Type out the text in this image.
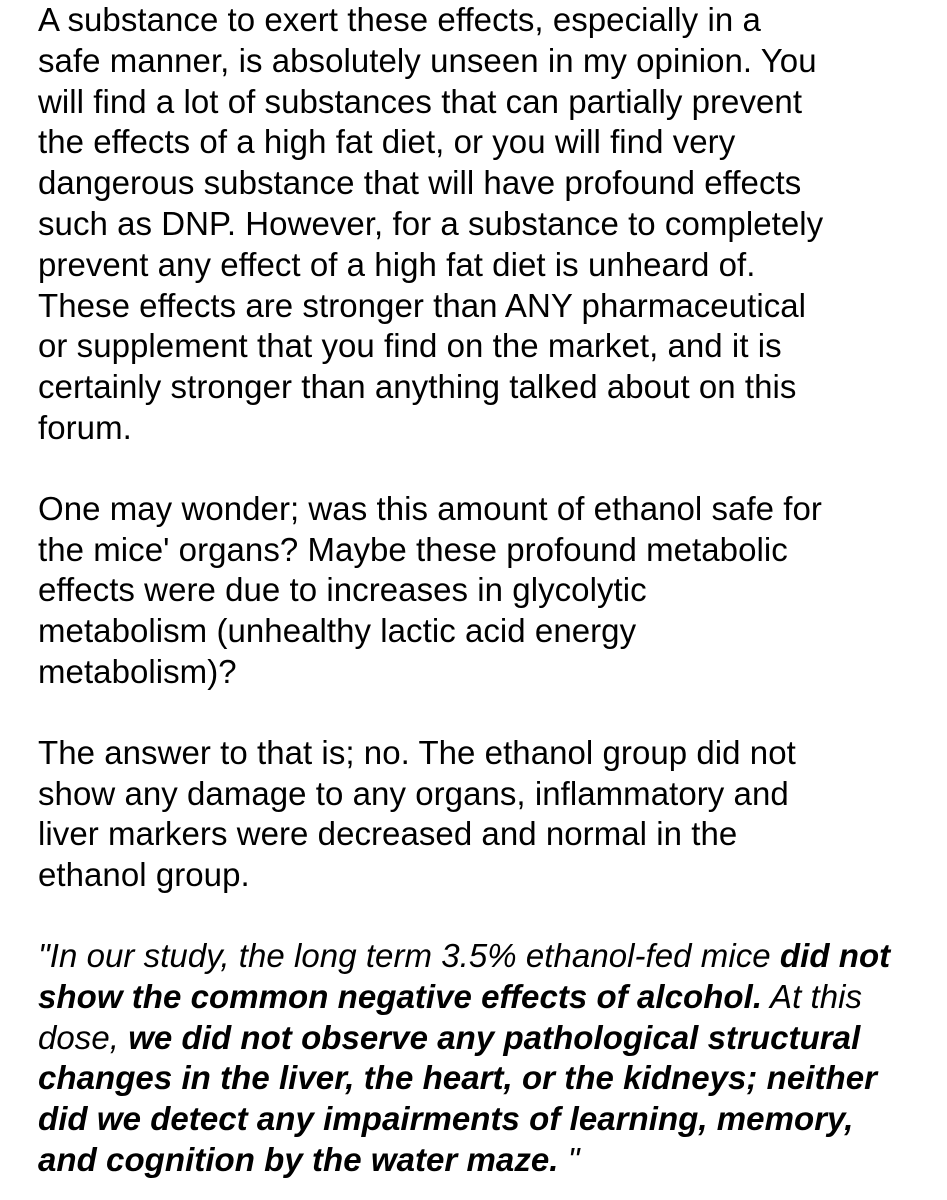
A substance to exert these effects, especially in a
safe manner, is absolutely unseen in my opinion. You
will find a lot of substances that can partially prevent
the effects of a high fat diet, or you will find very
dangerous substance that will have profound effects
such as DNP. However, for a substance to completely
prevent any effect of a high fat diet is unheard of.
These effects are stronger than ANY pharmaceutical
or supplement that you find on the market, and it is
certainly stronger than anything talked about on this
forum.

One may wonder; was this amount of ethanol safe for
the mice' organs? Maybe these profound metabolic
effects were due to increases in glycolytic
metabolism (unhealthy lactic acid energy
metabolism)?

The answer to that is; no. The ethanol group did not
show any damage to any organs, inflammatory and
liver markers were decreased and normal in the
ethanol group.

"In our study, the long term 3.5% ethanol-fed mice did not show the common negative effects of alcohol. At this dose, we did not observe any pathological structural changes in the liver, the heart, or the kidneys; neither did we detect any impairments of learning, memory, and cognition by the water maze. "
